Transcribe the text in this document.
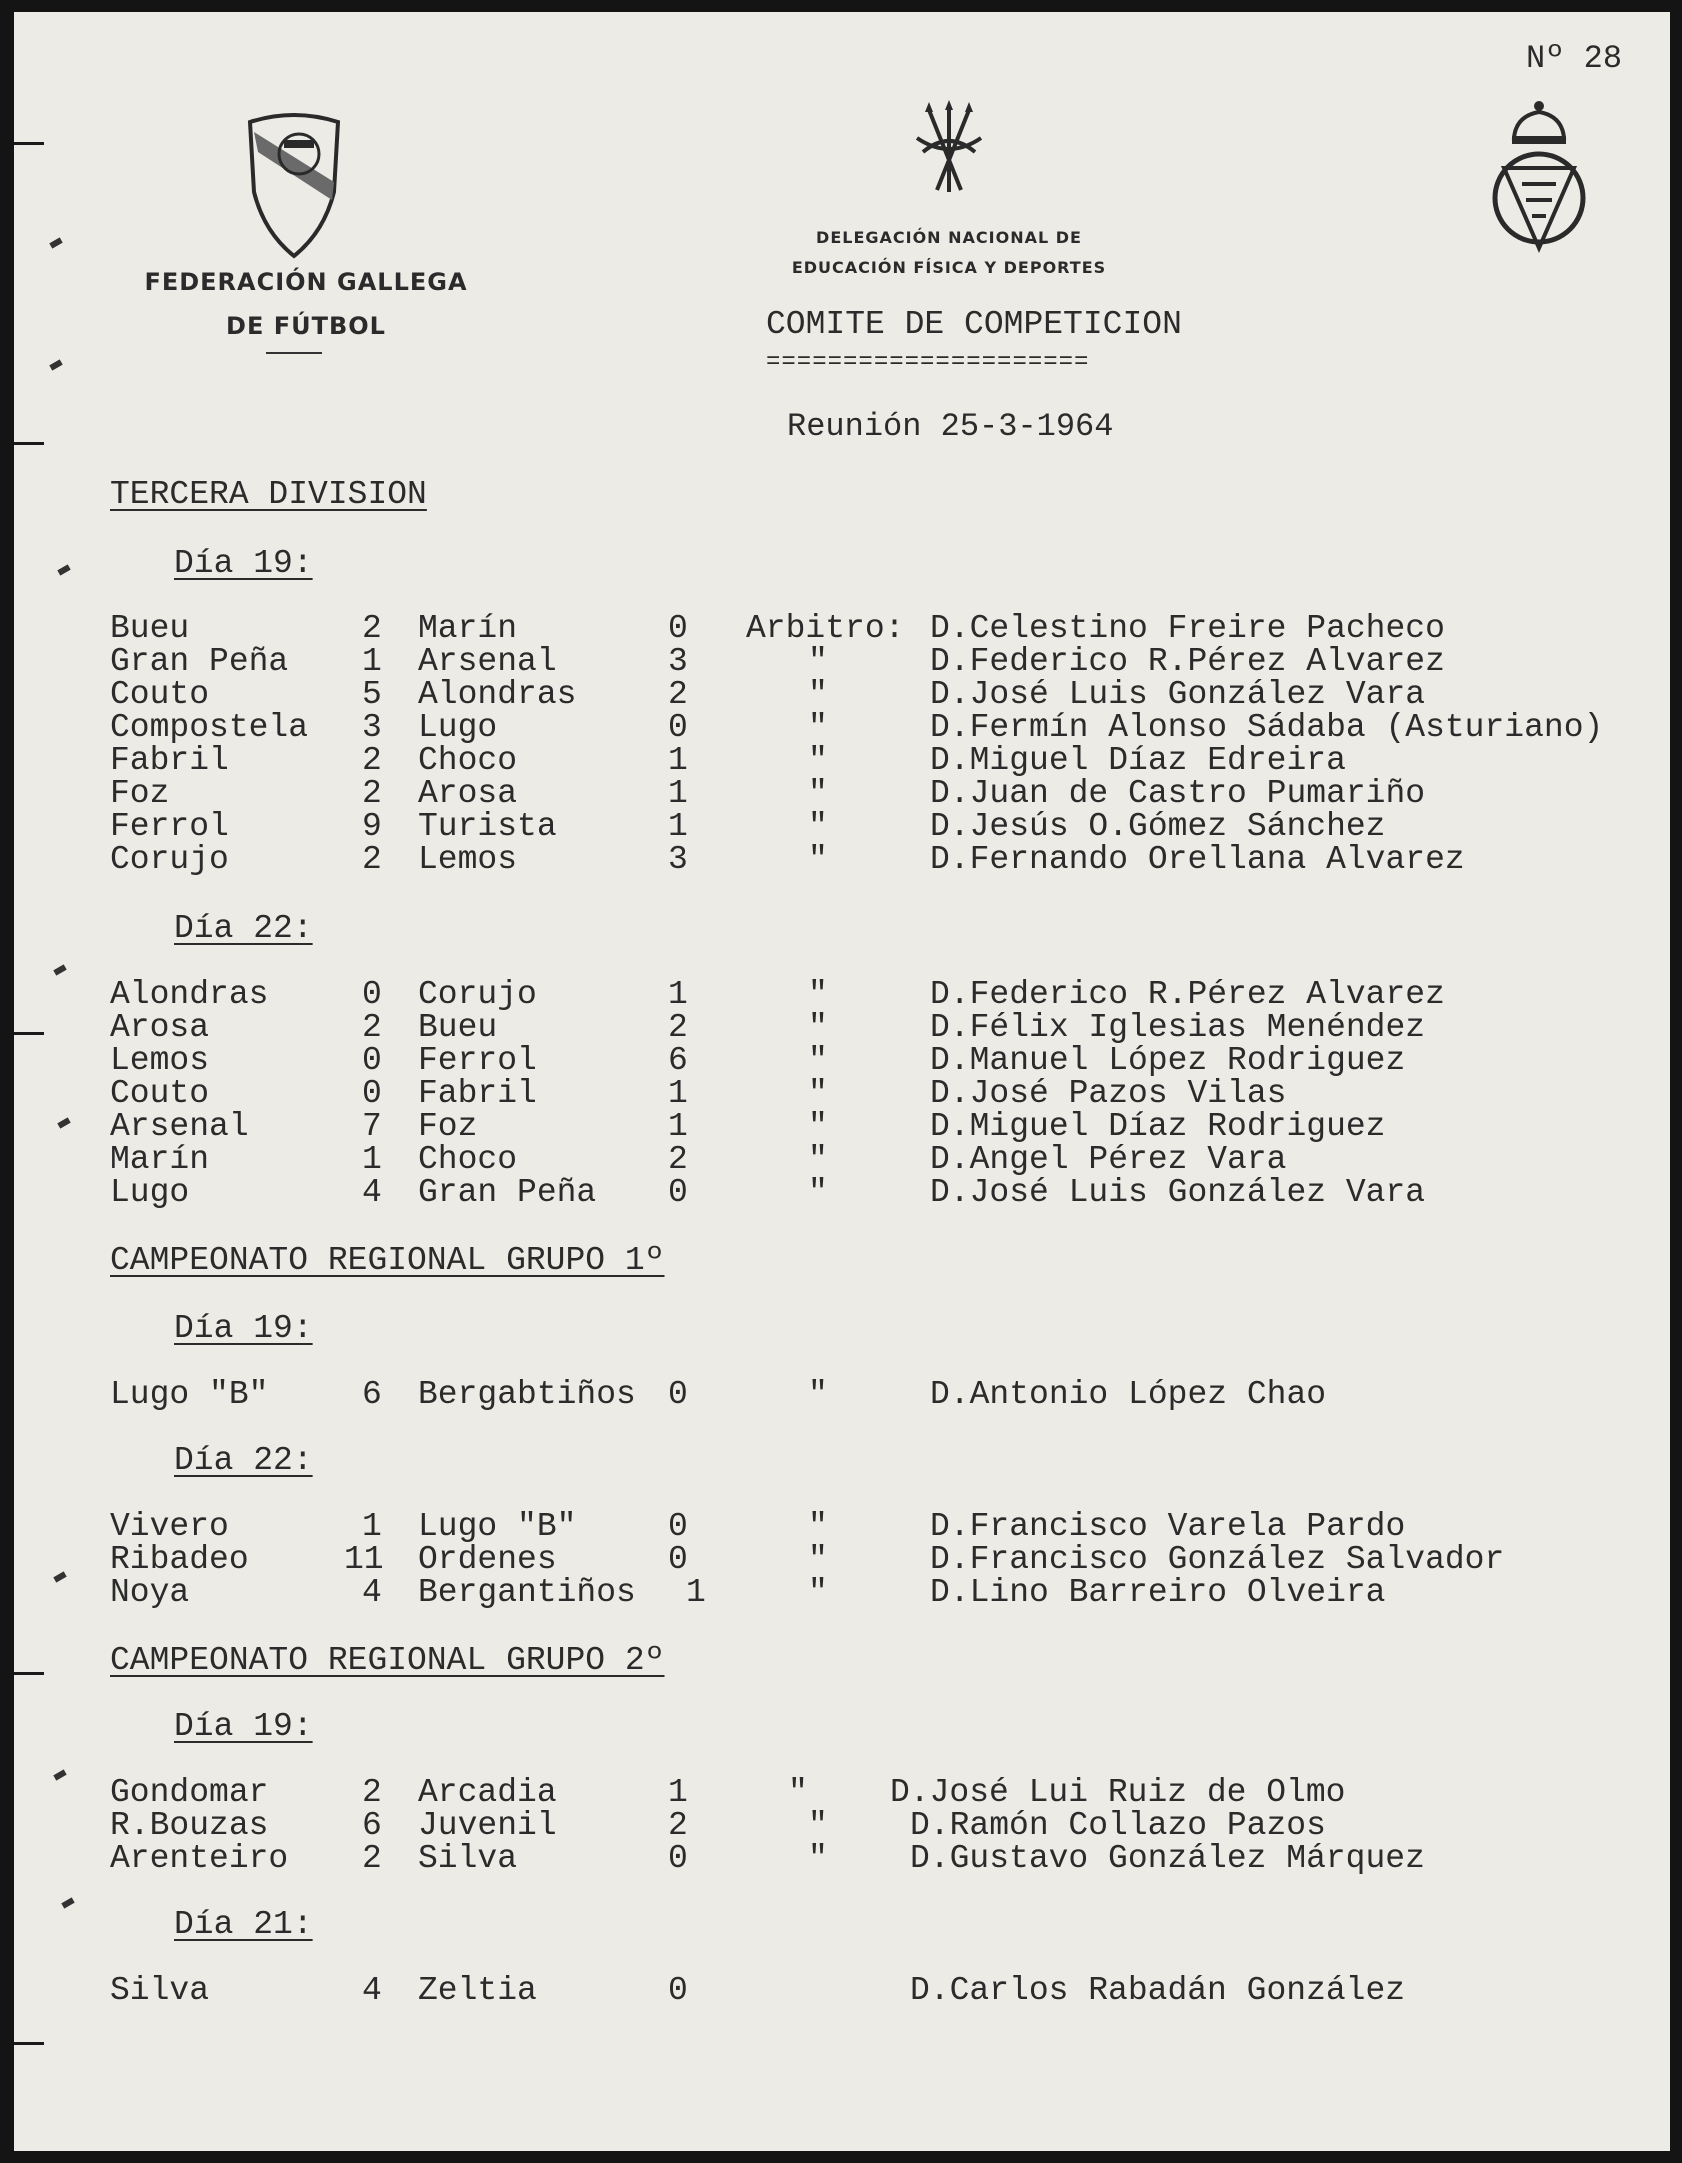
Nº 28
FEDERACIÓN GALLEGA
DE FÚTBOL
DELEGACIÓN NACIONAL DE
EDUCACIÓN FÍSICA Y DEPORTES
COMITE DE COMPETICION
=====================
Reunión 25-3-1964
TERCERA DIVISION
Día 19:
Bueu	2 Marín	0 Arbitro: D.Celestino Freire Pacheco
Gran Peña 1 Arsenal	3	"	D.Federico R.Pérez Alvarez
Couto	5 Alondras	2	"	D.José Luis González Vara
Compostela 3 Lugo	0	"	D.Fermín Alonso Sádaba (Asturiano)
Fabril	2 Choco	1	"	D.Miguel Díaz Edreira
Foz	2 Arosa	1	"	D.Juan de Castro Pumariño
Ferrol	9 Turista	1	"	D.Jesús O.Gómez Sánchez
Corujo	2 Lemos	3	"	D.Fernando Orellana Alvarez
Día 22:
Alondras	0 Corujo	1	"	D.Federico R.Pérez Alvarez
Arosa	2 Bueu	2	"	D.Félix Iglesias Menéndez
Lemos	0 Ferrol	6	"	D.Manuel López Rodriguez
Couto	0 Fabril	1	"	D.José Pazos Vilas
Arsenal	7 Foz	1	"	D.Miguel Díaz Rodriguez
Marín	1 Choco	2	"	D.Angel Pérez Vara
Lugo	4 Gran Peña 0	"	D.José Luis González Vara
CAMPEONATO REGIONAL GRUPO 1º
Día 19:
Lugo "B"	6 Bergabtiños 0	"	D.Antonio López Chao
Día 22:
Vivero	1 Lugo "B"	0	"	D.Francisco Varela Pardo
Ribadeo	11 Ordenes	0	"	D.Francisco González Salvador
Noya	4 Bergantiños 1	"	D.Lino Barreiro Olveira
CAMPEONATO REGIONAL GRUPO 2º
Día 19:
Gondomar	2 Arcadia	1	" D.José Lui Ruiz de Olmo
R.Bouzas	6 Juvenil	2	" D.Ramón Collazo Pazos
Arenteiro 2 Silva	0	" D.Gustavo González Márquez
Día 21:
Silva	4 Zeltia	0	D.Carlos Rabadán González
